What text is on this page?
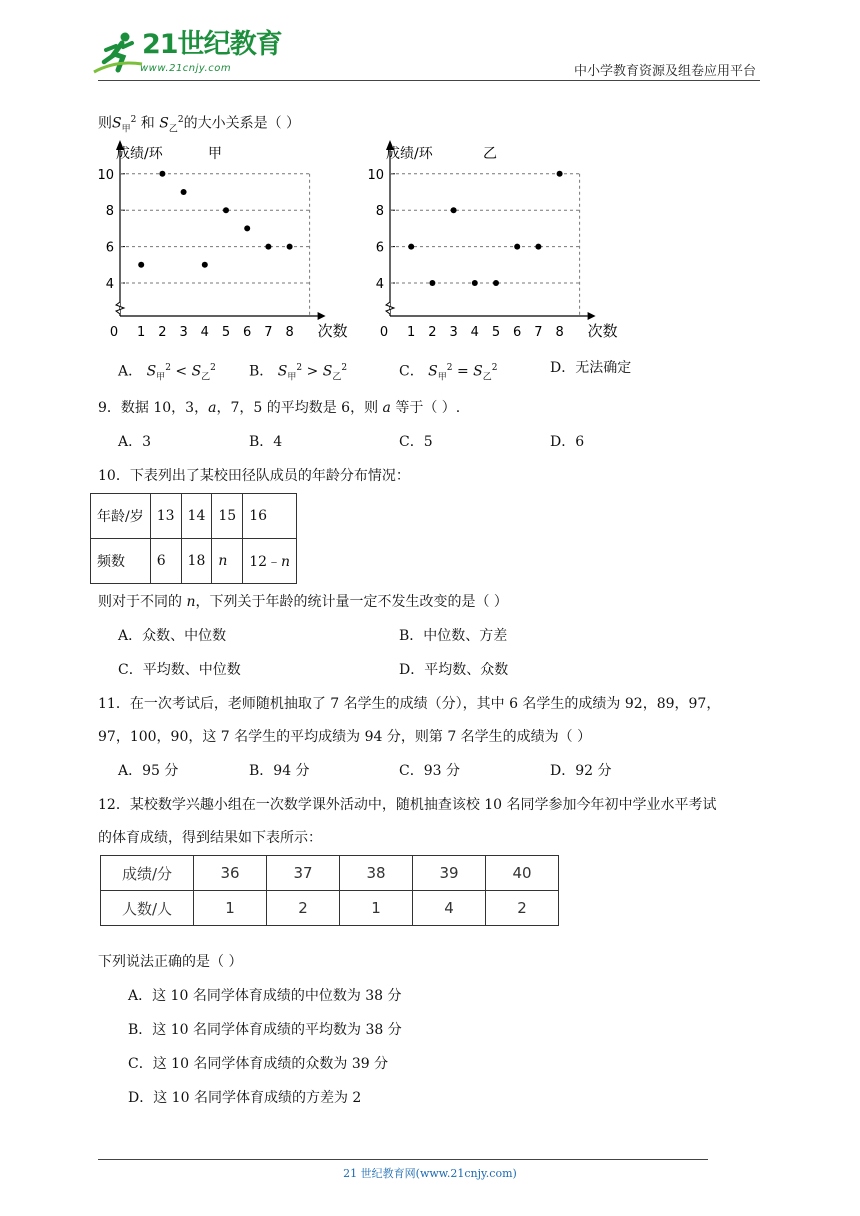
21世纪教育
www.21cnjy.com	中小学教育资源及组卷应用平台
则$S_甲^2$ 和 $S_乙^2$的大小关系是（ ）
4
6
8
10
0 1 2 3 4 5 6 7 8
成绩/环	甲
次数
4
6
8
10
0 1 2 3 4 5 6 7 8
成绩/环	乙
次数
A． $S_甲^2 < S_乙^2$ B． $S_甲^2 > S_乙^2$	C． $S_甲^2 = S_乙^2$	D．无法确定
9．数据 10，3，a，7，5 的平均数是 6，则 a 等于（ ）.
A．3	B．4	C．5	D．6
10．下表列出了某校田径队成员的年龄分布情况：
年龄/岁	13	14	15	16
频数	6	18	n	12﹣n
则对于不同的 n，下列关于年龄的统计量一定不发生改变的是（ ）
A．众数、中位数	B．中位数、方差
C．平均数、中位数	D．平均数、众数
11．在一次考试后，老师随机抽取了 7 名学生的成绩（分），其中 6 名学生的成绩为 92，89，97，
97，100，90，这 7 名学生的平均成绩为 94 分，则第 7 名学生的成绩为（ ）
A．95 分	B．94 分	C．93 分	D．92 分
12．某校数学兴趣小组在一次数学课外活动中，随机抽查该校 10 名同学参加今年初中学业水平考试
的体育成绩，得到结果如下表所示：
成绩/分	36	37	38	39	40
人数/人	1	2	1	4	2
下列说法正确的是（ ）
A．这 10 名同学体育成绩的中位数为 38 分
B．这 10 名同学体育成绩的平均数为 38 分
C．这 10 名同学体育成绩的众数为 39 分
D．这 10 名同学体育成绩的方差为 2
21 世纪教育网(www.21cnjy.com)
